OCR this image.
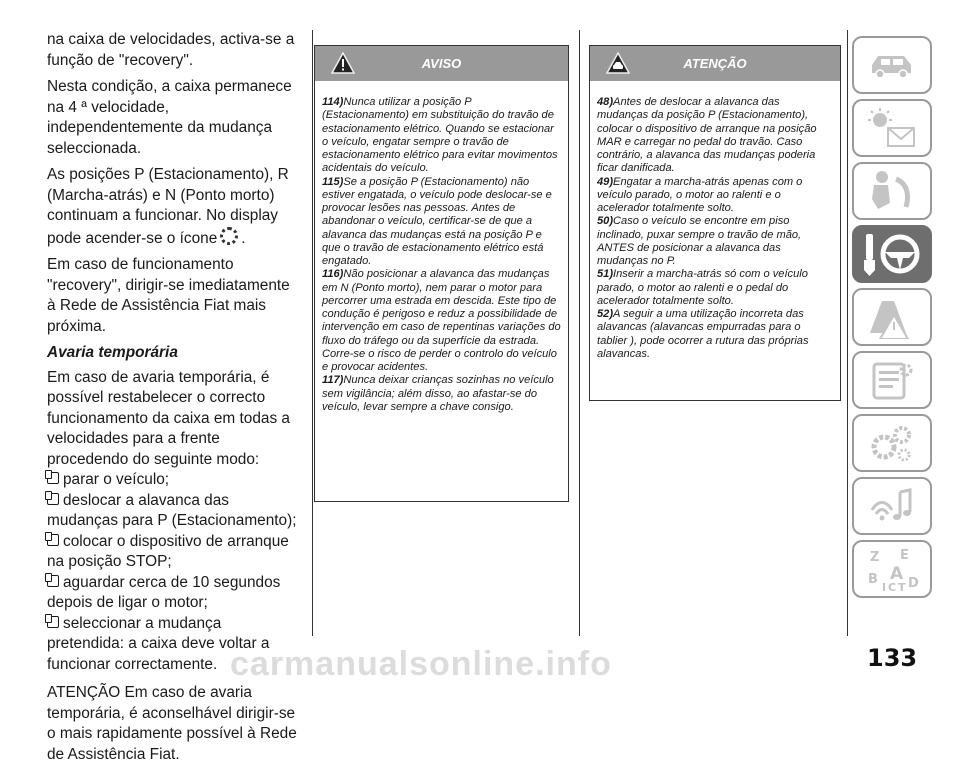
na caixa de velocidades, activa-se a função de "recovery".

Nesta condição, a caixa permanece na 4 ª velocidade, independentemente da mudança seleccionada.

As posições P (Estacionamento), R (Marcha-atrás) e N (Ponto morto) continuam a funcionar. No display pode acender-se o ícone .

Em caso de funcionamento "recovery", dirigir-se imediatamente à Rede de Assistência Fiat mais próxima.

Avaria temporária

Em caso de avaria temporária, é possível restabelecer o correcto funcionamento da caixa em todas a velocidades para a frente procedendo do seguinte modo:

parar o veículo;
deslocar a alavanca das mudanças para P (Estacionamento);
colocar o dispositivo de arranque na posição STOP;
aguardar cerca de 10 segundos depois de ligar o motor;
seleccionar a mudança pretendida: a caixa deve voltar a funcionar correctamente.

ATENÇÃO Em caso de avaria temporária, é aconselhável dirigir-se o mais rapidamente possível à Rede de Assistência Fiat.

AVISO

114)Nunca utilizar a posição P (Estacionamento) em substituição do travão de estacionamento elétrico. Quando se estacionar o veículo, engatar sempre o travão de estacionamento elétrico para evitar movimentos acidentais do veículo.

115)Se a posição P (Estacionamento) não estiver engatada, o veículo pode deslocar-se e provocar lesões nas pessoas. Antes de abandonar o veículo, certificar-se de que a alavanca das mudanças está na posição P e que o travão de estacionamento elétrico está engatado.

116)Não posicionar a alavanca das mudanças em N (Ponto morto), nem parar o motor para percorrer uma estrada em descida. Este tipo de condução é perigoso e reduz a possibilidade de intervenção em caso de repentinas variações do fluxo do tráfego ou da superfície da estrada. Corre-se o risco de perder o controlo do veículo e provocar acidentes.

117)Nunca deixar crianças sozinhas no veículo sem vigilância; além disso, ao afastar-se do veículo, levar sempre a chave consigo.

ATENÇÃO

48)Antes de deslocar a alavanca das mudanças da posição P (Estacionamento), colocar o dispositivo de arranque na posição MAR e carregar no pedal do travão. Caso contrário, a alavanca das mudanças poderia ficar danificada.

49)Engatar a marcha-atrás apenas com o veículo parado, o motor ao ralenti e o acelerador totalmente solto.

50)Caso o veículo se encontre em piso inclinado, puxar sempre o travão de mão, ANTES de posicionar a alavanca das mudanças no P.

51)Inserir a marcha-atrás só com o veículo parado, o motor ao ralenti e o pedal do acelerador totalmente solto.

52)A seguir a uma utilização incorreta das alavancas (alavancas empurradas para o tablier ), pode ocorrer a rutura das próprias alavancas.

Z E
A
B
I C T D
carmanualsonline.info	133
